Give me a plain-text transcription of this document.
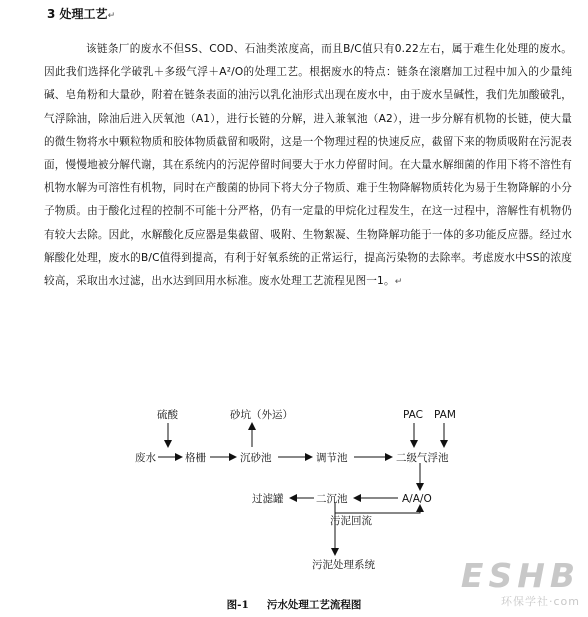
3 处理工艺↵
该链条厂的废水不但SS、COD、石油类浓度高，而且B/C值只有0.22左右，属于难生化处理的废水。因此我们选择化学破乳＋多级气浮＋A²/O的处理工艺。根据废水的特点：链条在滚磨加工过程中加入的少量纯碱、皂角粉和大量砂，附着在链条表面的油污以乳化油形式出现在废水中，由于废水呈碱性，我们先加酸破乳，气浮除油，除油后进入厌氧池（A1），进行长链的分解，进入兼氧池（A2），进一步分解有机物的长链，使大量的微生物将水中颗粒物质和胶体物质截留和吸附，这是一个物理过程的快速反应，截留下来的物质吸附在污泥表面，慢慢地被分解代谢，其在系统内的污泥停留时间要大于水力停留时间。在大量水解细菌的作用下将不溶性有机物水解为可溶性有机物，同时在产酸菌的协同下将大分子物质、难于生物降解物质转化为易于生物降解的小分子物质。由于酸化过程的控制不可能十分严格，仍有一定量的甲烷化过程发生，在这一过程中，溶解性有机物仍有较大去除。因此，水解酸化反应器是集截留、吸附、生物絮凝、生物降解功能于一体的多功能反应器。经过水解酸化处理，废水的B/C值得到提高，有利于好氧系统的正常运行，提高污染物的去除率。考虑废水中SS的浓度较高，采取出水过滤，出水达到回用水标准。废水处理工艺流程见图一1。↵
硫酸	砂坑（外运）	PAC PAM
废水	格栅	沉砂池	调节池	二级气浮池
过滤罐	二沉池	A/A/O
污泥回流
污泥处理系统
图-1 污水处理工艺流程图
ESHB
环保学社·com
